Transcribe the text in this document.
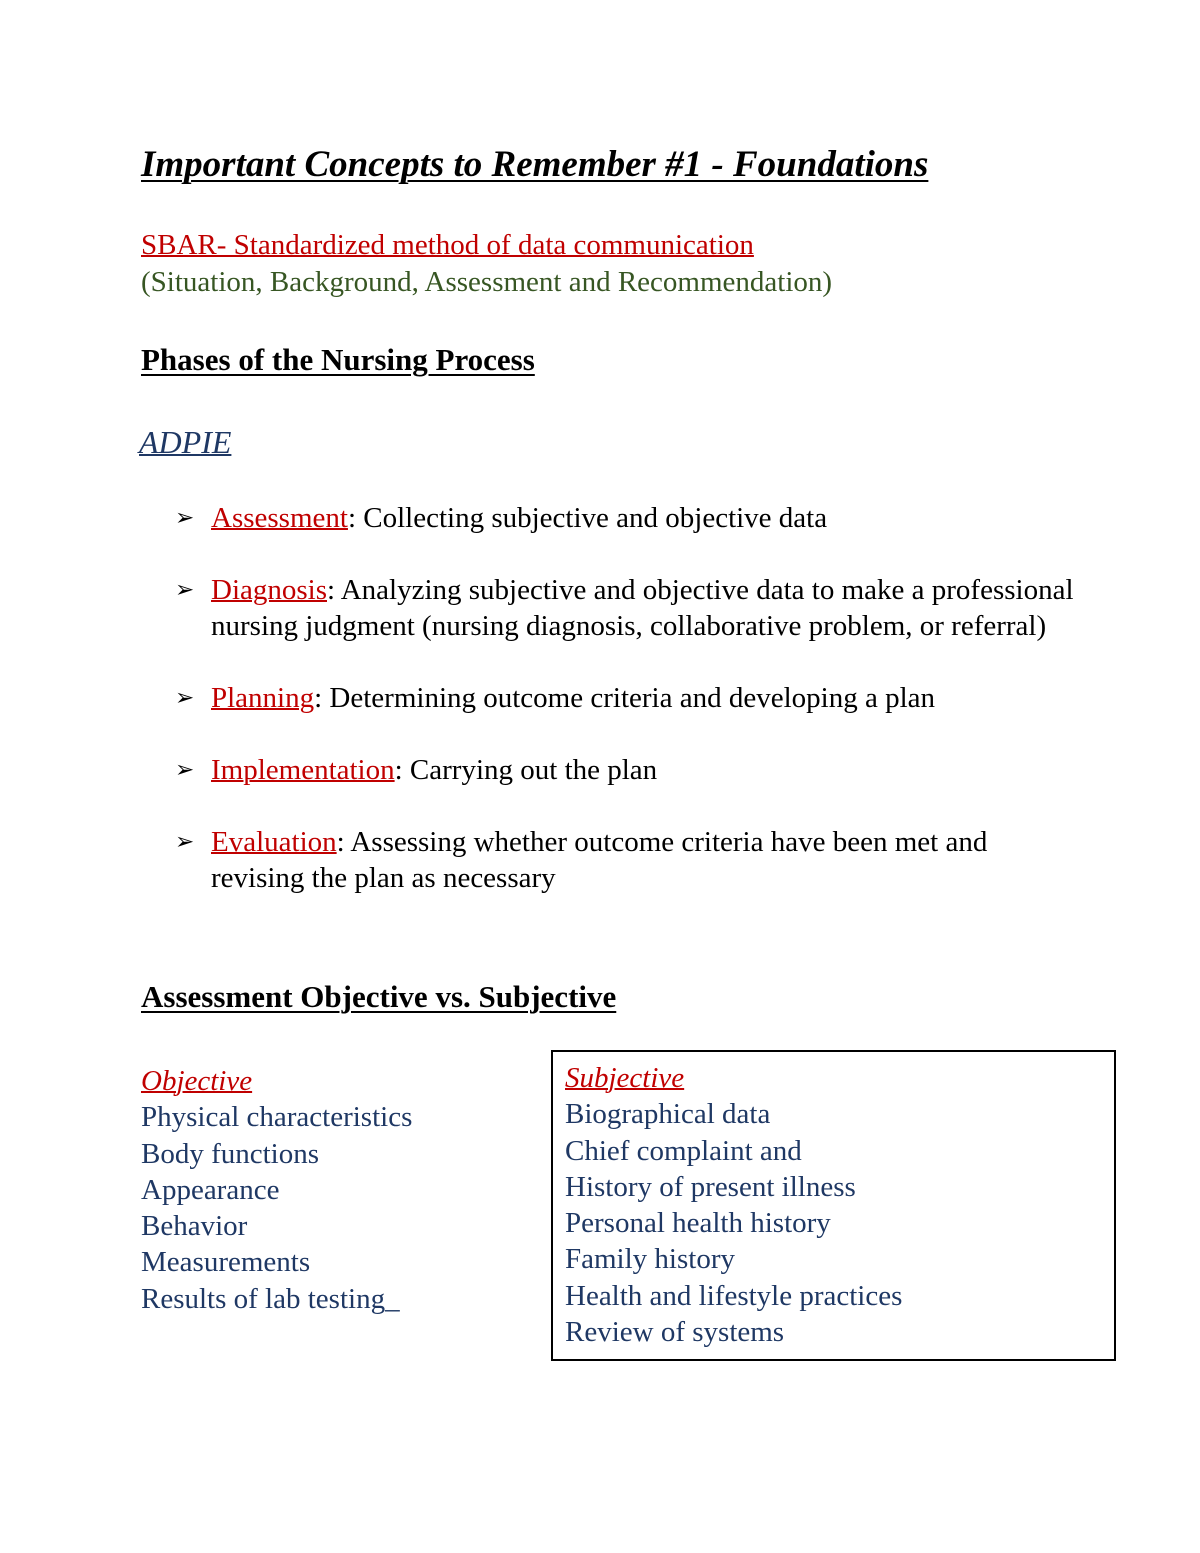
Important Concepts to Remember #1 - Foundations
SBAR- Standardized method of data communication
(Situation, Background, Assessment and Recommendation)
Phases of the Nursing Process
ADPIE
➢ Assessment: Collecting subjective and objective data
➢ Diagnosis: Analyzing subjective and objective data to make a professional nursing judgment (nursing diagnosis, collaborative problem, or referral)
➢ Planning: Determining outcome criteria and developing a plan
➢ Implementation: Carrying out the plan
➢ Evaluation: Assessing whether outcome criteria have been met and revising the plan as necessary
Assessment Objective vs. Subjective
Objective
Physical characteristics
Body functions
Appearance
Behavior
Measurements
Results of lab testing_
Subjective
Biographical data
Chief complaint and
History of present illness
Personal health history
Family history
Health and lifestyle practices
Review of systems
